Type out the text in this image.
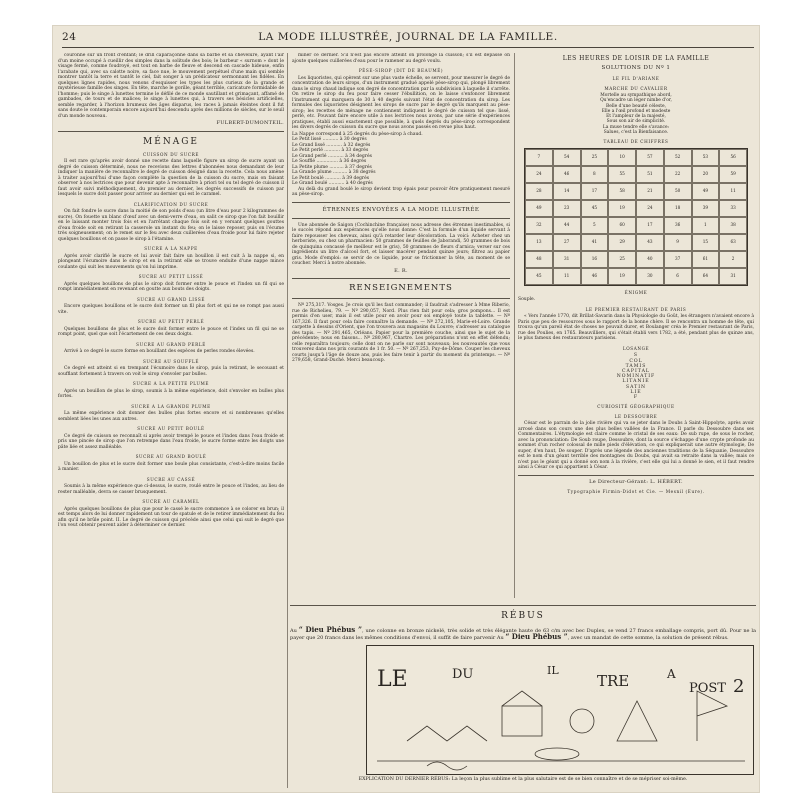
24	LA MODE ILLUSTRÉE, JOURNAL DE LA FAMILLE.

couronne sur un front d'enfant; le drill caparaçonné dans sa barbe et sa chevelure, ayant l'air d'un moine occupé à cueillir des simples dans la solitude des bois; le barbeur « surnom » dont le visage fermé, comme foudroyé, est tout en barbe de fleuve et descend en cascade hideuse, enfin l'arabate qui, avec sa calotte noire, sa face nue, le mouvement perpétuel d'une main qui semble montrer tantôt la terre et tantôt le ciel, fait songer à un prédicateur sermonnant les fidèles. En quelques lignes rapides, nous venons d'esquisser les types les plus curieux de la grande et mystérieuse famille des singes. En tête, marche le gorille, géant terrible, caricature formidable de l'homme; puis le singe à lunettes termine le défilé de ce monde sautillant et grimaçant, affamé de gambades, de tours et de malices; le singe à lunettes qui, à travers ses bésicles artificielles, semble regarder, à l'horizon brumeux des âges disparus, les races à jamais éteintes dont il fut sans doute le contemporain encore aujourd'hui descendu après des millions de siècles, sur le seuil d'un monde nouveau.

FULBERT-DUMONTEIL.
MÉNAGE
CUISSON DU SUCRE

Il est rare qu'après avoir donné une recette dans laquelle figure un sirop de sucre ayant un degré de cuisson déterminé, nous ne recevions des lettres d'abonnées nous demandant de leur indiquer la manière de reconnaître le degré de cuisson désigné dans la recette. Cela nous amène à traiter aujourd'hui d'une façon complète la question de la cuisson du sucre, mais on faisant observer à nos lectrices que pour devenir apte à reconnaître à priori tel ou tel degré de cuisson il faut avoir suivi méthodiquement, du premier au dernier, les degrés successifs de cuisson par lesquels le sucre doit passer pour arriver au dernier qui est le caramel.

CLARIFICATION DU SUCRE

On fait fondre le sucre dans la moitié de son poids d'eau (un litre d'eau pour 2 kilogrammes de sucre). On fouette un blanc d'œuf avec un demi-verre d'eau, on salit ce sirop que l'on fait bouillir en le laissant monter trois fois et en l'arrêtant chaque fois soit en y versant quelques gouttes d'eau froide soit en retirant la casserole un instant du feu; on le laisse reposer, puis on l'écume très soigneusement; on le remet sur le feu avec deux cuillerées d'eau froide pour lui faire rejeter quelques bouillons et on passe le sirop à l'étamine.

SUCRE A LA NAPPE

Après avoir clarifié le sucre et lui avoir fait faire un bouillon il est cuit à la nappe si, en plongeant l'écumoire dans le sirop et en la retirant elle se trouve enduite d'une nappe mince coulante qui suit les mouvements qu'on lui imprime.

SUCRE AU PETIT LISSÉ

Après quelques bouillons de plus le sirop doit former entre le pouce et l'index un fil qui se rompt immédiatement en revenant en goutte aux bouts des doigts.

SUCRE AU GRAND LISSÉ

Encore quelques bouillons et le sucre doit former un fil plus fort et qui ne se rompt pas aussi vite.

SUCRE AU PETIT PERLÉ

Quelques bouillons de plus et le sucre doit former entre le pouce et l'index un fil qui ne se rompt point, quel que soit l'écartement de ces deux doigts.

SUCRE AU GRAND PERLÉ

Arrivé à ce degré le sucre forme en bouillant des espèces de perles rondes élevées.

SUCRE AU SOUFFLÉ

Ce degré est atteint si en trempant l'écumoire dans le sirop, puis la retirant, le secouant et soufflant fortement à travers on voit le sirop s'envoler par bulles.

SUCRE A LA PETITE PLUME

Après un bouillon de plus le sirop, soumis à la même expérience, doit s'envoler en bulles plus fortes.

SUCRE A LA GRANDE PLUME

La même expérience doit donner des bulles plus fortes encore et si nombreuses qu'elles semblent liées les unes aux autres.

SUCRE AU PETIT BOULÉ

Ce degré de cuisson se reconnaît si après avoir trempé le pouce et l'index dans l'eau froide et pris une pincée de sirop que l'on retrempe dans l'eau froide, le sucre forme entre les doigts une pâte liée et assez malléable.

SUCRE AU GRAND BOULÉ

Un bouillon de plus et le sucre doit former une boule plus consistante, c'est-à-dire moins facile à manier.

SUCRE AU CASSÉ

Soumis à la même expérience que ci-dessus, le sucre, roulé entre le pouce et l'index, au lieu de rester malléable, devra se casser brusquement.

SUCRE AU CARAMEL

Après quelques bouillons de plus que pour le cassé le sucre commence à se colorer en brun; il est temps alors de lui donner rapidement un tour de spatule et de le retirer immédiatement du feu afin qu'il ne brûle point. II. Le degré de cuisson qui précède ainsi que celui qui suit le degré que l'on veut obtenir peuvent aider à déterminer ce dernier.

miner ce dernier. S'il n'est pas encore atteint on prolonge la cuisson; s'il est dépassé on ajoute quelques cuillerées d'eau pour le ramener au degré voulu.

PÈSE-SIROP (DIT DE BEAUMÉ)

Les liquoristes, qui opèrent sur une plus vaste échelle, se servent, pour mesurer le degré de concentration de leurs sirops, d'un instrument gradué appelé pèse-sirop qui, plongé librement dans le sirop chaud indique son degré de concentration par la subdivision à laquelle il s'arrête. On retire le sirop du feu pour faire cesser l'ébullition, on le laisse s'enfoncer librement l'instrument qui marquera de 30 à 40 degrés suivant l'état de concentration du sirop. Les formules des liquoristes désignent les sirops de sucre par le degré qu'ils marquent au pèse-sirop; les recettes de ménage ne contiennent indiquent le degré de cuisson tel que: lissé, perlé, etc. Pouvant faire encore utile à nos lectrices nous avons, par une série d'expériences pratiques, établi aussi exactement que possible, à quels degrés du pèse-sirop correspondent les divers degrés de cuisson du sucre que nous avons passés en revue plus haut.

La Nappe correspond à 25 degrés du pèse-sirop à chaud.

Le Petit lissé ........... à 30 degrés
Le Grand lissé ........... à 32 degrés
Le Petit perlé ........... à 33 degrés
Le Grand perlé ........... à 34 degrés
Le Soufflé ............... à 36 degrés
La Petite plume .......... à 37 degrés
La Grande plume .......... à 38 degrés
Le Petit boulé ........... à 39 degrés
Le Grand boulé ........... à 40 degrés

Au delà du grand boulé le sirop devient trop épais pour pouvoir être pratiquement mesuré au pèse-sirop.

ÉTRENNES ENVOYÉES A LA MODE ILLUSTRÉE

Une abonnée de Saigon (Cochinchine française) nous adresse des étrennes inestimables, si le succès répond aux espérances qu'elle nous donne: C'est la formule d'un liquide servant à faire repousser les cheveux, ainsi qu'à retarder leur décoloration. La voici: Acheter chez un herboriste, ou chez un pharmacien: 50 grammes de feuilles de Jaborandi, 50 grammes de bois de quinquina concassé (le meilleur est le gris), 50 grammes de fleurs d'arnica; verser sur ces ingrédients un litre d'alcool fort, et laisser macérer pendant quinze jours; filtrez au papier gris. Mode d'emploi: se servir de ce liquide, pour se frictionner la tête, au moment de se coucher. Merci à notre abonnée.

E. R.
RENSEIGNEMENTS

Nº 275,317. Vosges. Je crois qu'il les faut commander; il faudrait s'adresser à Mme Riberio, rue de Richelieu, 79. — Nº 290,057, Nord. Plus rien fait pour cela; gros pompons... Il est permis d'en user, mais il est utile pour en avoir pour soi employé toute la tablette. — Nº 167,326. Il faut pour cela faire connaître la demande. — Nº 272,105, Marie-et-Loire. Grande carpette à dessins d'Orient, que l'on trouvera aux magasins du Louvre; s'adresser au catalogue des tapis. — Nº 291,465, Orléans. Papier pour la première couche, ainsi que le sujet de la précédente; nous en faisons... Nº 280,967, Chartre. Les préparations n'ont en effet défendu; celle reparaîtra toujours; celle dont on ne parle sur sont nouveaux; les nouveautés que vous trouverez dans nos prix courants de 1 fr. 50. — Nº 267,253, Puy-de-Dôme. Couper les cheveux courts jusqu'à l'âge de douze ans, puis les faire tenir à partir du moment du printemps. — Nº 279,658, Grand-Duché. Merci beaucoup.

LES HEURES DE LOISIR DE LA FAMILLE
SOLUTIONS DU Nº 1
LE FIL D'ARIANE
MARCHE DU CAVALIER
Mortelle au sympathique abord,
Qu'encadre un léger nimbe d'or,
Belle d'une beauté céleste,
Elle a l'œil profond et modeste
Et l'ampleur de la majesté,
Sous son air de simplicité.
La muse tendre elle s'avance:
Salues, c'est la Bienfaisance.
TABLEAU DE CHIFFRES
7	54	25	10	57	52	53	56
24	46	8	55	51	22	20	59
28	14	17	58	21	50	49	11
49	23	45	19	24	18	39	33
32	44	5	60	17	36	1	38
13	27	41	29	43	9	15	63
48	31	16	25	40	37	61	2
45	11	46	19	30	6	64	31
ÉNIGME

Souple.

LE PREMIER RESTAURANT DE PARIS

« Vers l'année 1770, dit Brillat-Savarin dans la Physiologie du Goût, les étrangers n'avaient encore à Paris que peu de ressources sous le rapport de la bonne chère. Il se rencontra un homme de tête, qui trouva qu'un pareil état de choses ne pouvait durer, et Boulanger créa le Premier restaurant de Paris, rue des Poulies, en 1765. Beauvilliers, qui s'était établi vers 1782, a été, pendant plus de quinze ans, le plus fameux des restaurateurs parisiens.

LOSANGE
S
COL
TAMIS
CAPITAL
NOMINATIF
LITANIE
SATIN
LIE
F
CURIOSITÉ GÉOGRAPHIQUE
LE DESSOUBRE

César est le parrain de la jolie rivière qui va se jeter dans le Doubs à Saint-Hippolyte, après avoir arrosé dans son cours une des plus belles vallées de la France. Il parle du Dessoubre dans ses Commentaires. L'étymologie est claire comme le cristal de ses eaux: De sub rupe, de sous le rocher, avec la prononciation: De Soub roupe, Dessoubre, dont la source s'échappe d'une crypte profonde au sommet d'un rocher colossal de mille pieds d'élévation, ce qui expliquerait une autre étymologie, De super, d'en haut, De souper. D'après une légende des anciennes traditions de la Séquanie, Dessoubre est le nom d'un géant terrible des montagnes du Doubs, qui avait sa retraite dans la vallée; mais ce n'est pas le géant qui a donné son nom à la rivière, c'est elle qui lui a donné le sien, et il faut rendre ainsi à César ce qui appartient à César.

Le Directeur-Gérant: L. HÉBERT.
Typographie Firmin-Didot et Cie. — Mesnil (Eure).
RÉBUS
Au “ Dieu Phébus ”, une colonne en bronze nickelé, très solide et très élégante haute de 63 c/m avec bec Duplex, se vend 27 francs emballage compris, port dû. Pour ne la payer que 20 francs dans les mêmes conditions d'envoi, il suffit de faire parvenir Au “ Dieu Phébus ”, avec un mandat de cette somme, la solution de présent rébus.
LE	DU	IL
TRE	A
POST 2
EXPLICATION DU DERNIER RÉBUS: La leçon la plus sublime et la plus salutaire est de se bien connaître et de se mépriser soi-même.
